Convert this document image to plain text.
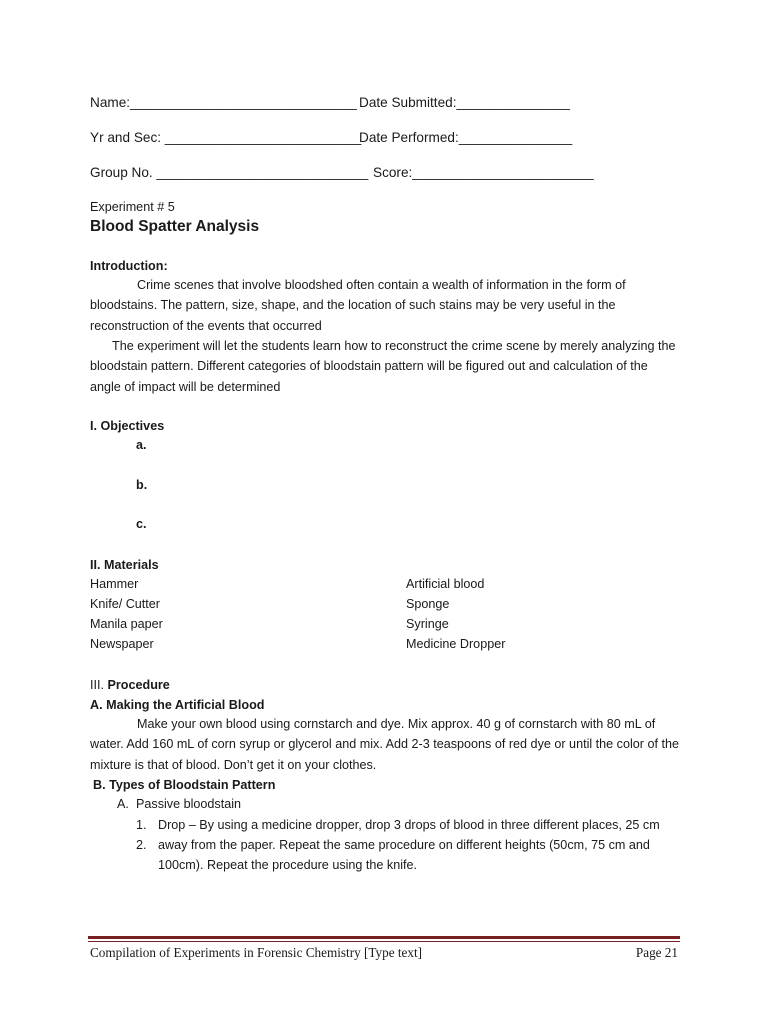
Name:______________________________ Date Submitted:_______________
Yr and Sec: __________________________
Date Performed:_______________
Group No. ____________________________ Score:________________________
Experiment # 5
Blood Spatter Analysis
Introduction:
Crime scenes that involve bloodshed often contain a wealth of information in the form of bloodstains. The pattern, size, shape, and the location of such stains may be very useful in the reconstruction of the events that occurred
The experiment will let the students learn how to reconstruct the crime scene by merely analyzing the bloodstain pattern. Different categories of bloodstain pattern will be figured out and calculation of the angle of impact will be determined
I. Objectives
a.
b.
c.
II. Materials
Hammer
Knife/ Cutter
Manila paper
Newspaper
Artificial blood
Sponge
Syringe
Medicine Dropper
III. Procedure
A. Making the Artificial Blood
Make your own blood using cornstarch and dye. Mix approx. 40 g of cornstarch with 80 mL of water. Add 160 mL of corn syrup or glycerol and mix. Add 2-3 teaspoons of red dye or until the color of the mixture is that of blood. Don’t get it on your clothes.
B. Types of Bloodstain Pattern
A. Passive bloodstain
1. Drop – By using a medicine dropper, drop 3 drops of blood in three different places, 25 cm
2. away from the paper. Repeat the same procedure on different heights (50cm, 75 cm and
100cm). Repeat the procedure using the knife.
Compilation of Experiments in Forensic Chemistry [Type text]	Page 21
